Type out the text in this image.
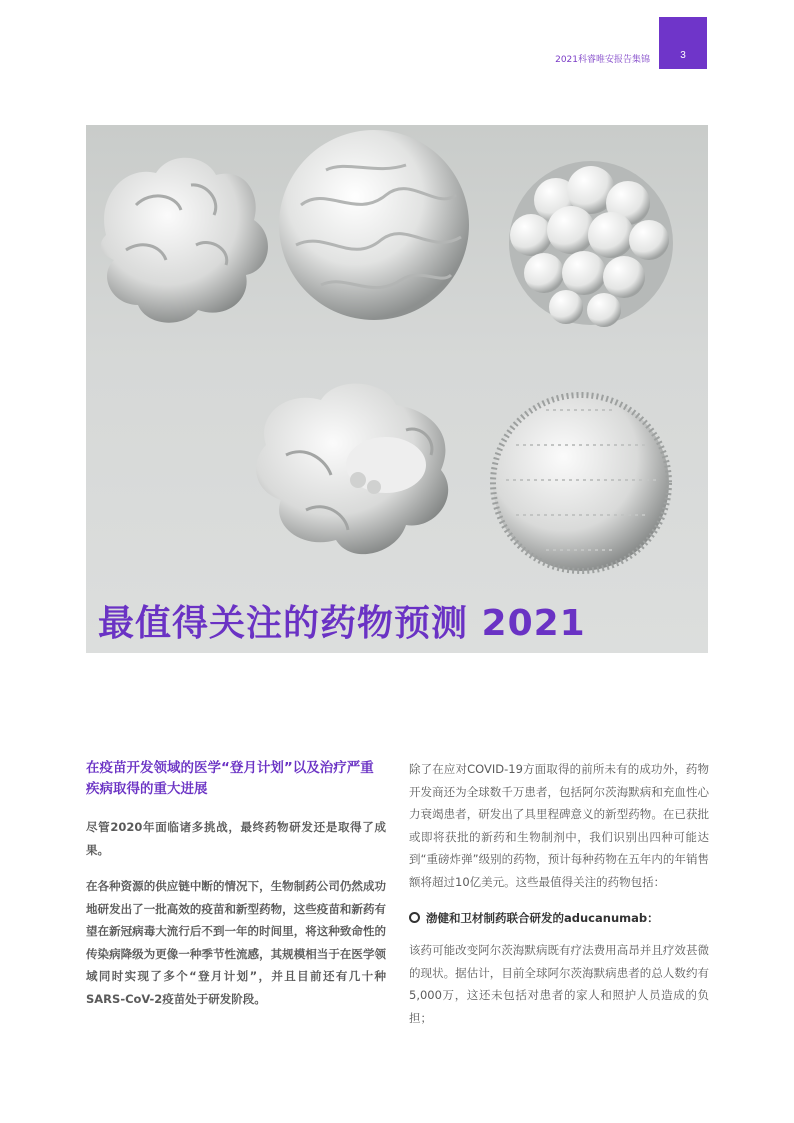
2021科睿唯安报告集锦	3
最值得关注的药物预测 2021
在疫苗开发领域的医学“登月计划”以及治疗严重疾病取得的重大进展

尽管2020年面临诸多挑战，最终药物研发还是取得了成果。

在各种资源的供应链中断的情况下，生物制药公司仍然成功地研发出了一批高效的疫苗和新型药物，这些疫苗和新药有望在新冠病毒大流行后不到一年的时间里，将这种致命性的传染病降级为更像一种季节性流感，其规模相当于在医学领域同时实现了多个“登月计划”，并且目前还有几十种SARS-CoV-2疫苗处于研发阶段。

除了在应对COVID-19方面取得的前所未有的成功外，药物开发商还为全球数千万患者，包括阿尔茨海默病和充血性心力衰竭患者，研发出了具里程碑意义的新型药物。在已获批或即将获批的新药和生物制剂中，我们识别出四种可能达到“重磅炸弹”级别的药物，预计每种药物在五年内的年销售额将超过10亿美元。这些最值得关注的药物包括：

渤健和卫材制药联合研发的aducanumab：

该药可能改变阿尔茨海默病既有疗法费用高昂并且疗效甚微的现状。据估计，目前全球阿尔茨海默病患者的总人数约有5,000万，这还未包括对患者的家人和照护人员造成的负担；
